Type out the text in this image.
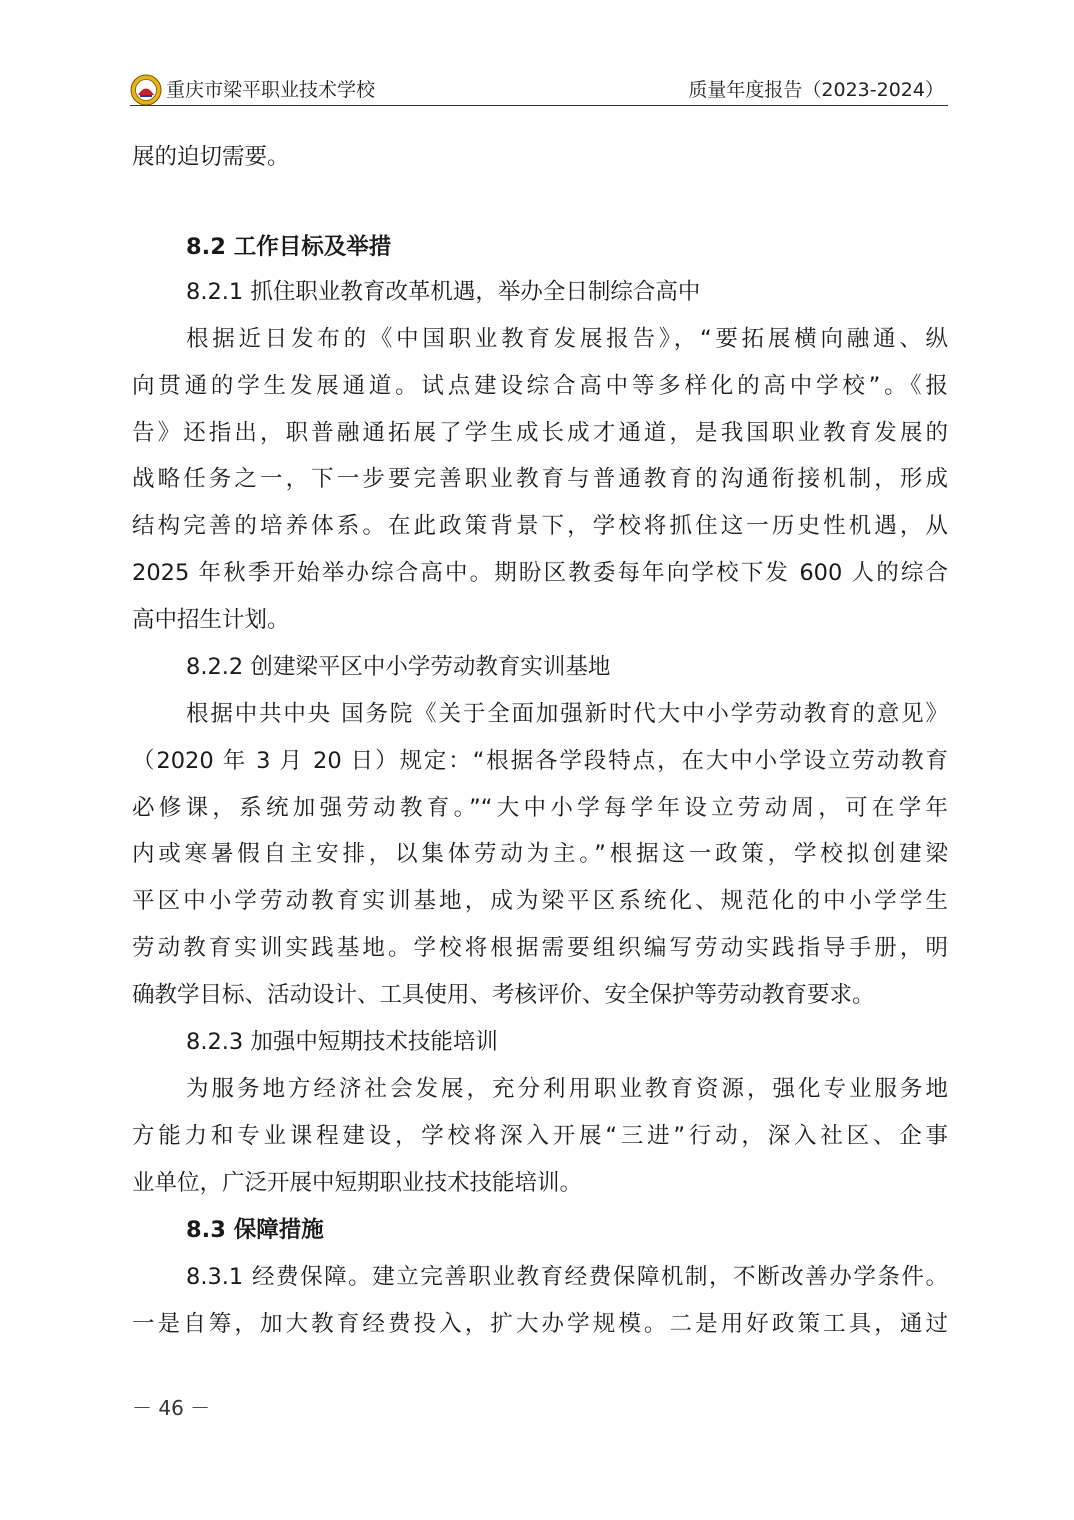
重庆市梁平职业技术学校	质量年度报告（2023-2024）

展的迫切需要。

8.2 工作目标及举措

8.2.1 抓住职业教育改革机遇，举办全日制综合高中

根据近日发布的《中国职业教育发展报告》，“要拓展横向融通、纵

向贯通的学生发展通道。试点建设综合高中等多样化的高中学校”。《报

告》还指出，职普融通拓展了学生成长成才通道，是我国职业教育发展的

战略任务之一，下一步要完善职业教育与普通教育的沟通衔接机制，形成

结构完善的培养体系。在此政策背景下，学校将抓住这一历史性机遇，从

2025 年秋季开始举办综合高中。期盼区教委每年向学校下发 600 人的综合

高中招生计划。

8.2.2 创建梁平区中小学劳动教育实训基地

根据中共中央 国务院《关于全面加强新时代大中小学劳动教育的意见》

（2020 年 3 月 20 日）规定：“根据各学段特点，在大中小学设立劳动教育

必修课，系统加强劳动教育。”“大中小学每学年设立劳动周，可在学年

内或寒暑假自主安排，以集体劳动为主。”根据这一政策，学校拟创建梁

平区中小学劳动教育实训基地，成为梁平区系统化、规范化的中小学学生

劳动教育实训实践基地。学校将根据需要组织编写劳动实践指导手册，明

确教学目标、活动设计、工具使用、考核评价、安全保护等劳动教育要求。

8.2.3 加强中短期技术技能培训

为服务地方经济社会发展，充分利用职业教育资源，强化专业服务地

方能力和专业课程建设，学校将深入开展“三进”行动，深入社区、企事

业单位，广泛开展中短期职业技术技能培训。

8.3 保障措施

8.3.1 经费保障。建立完善职业教育经费保障机制，不断改善办学条件。

一是自筹，加大教育经费投入，扩大办学规模。二是用好政策工具，通过

－ 46 －
